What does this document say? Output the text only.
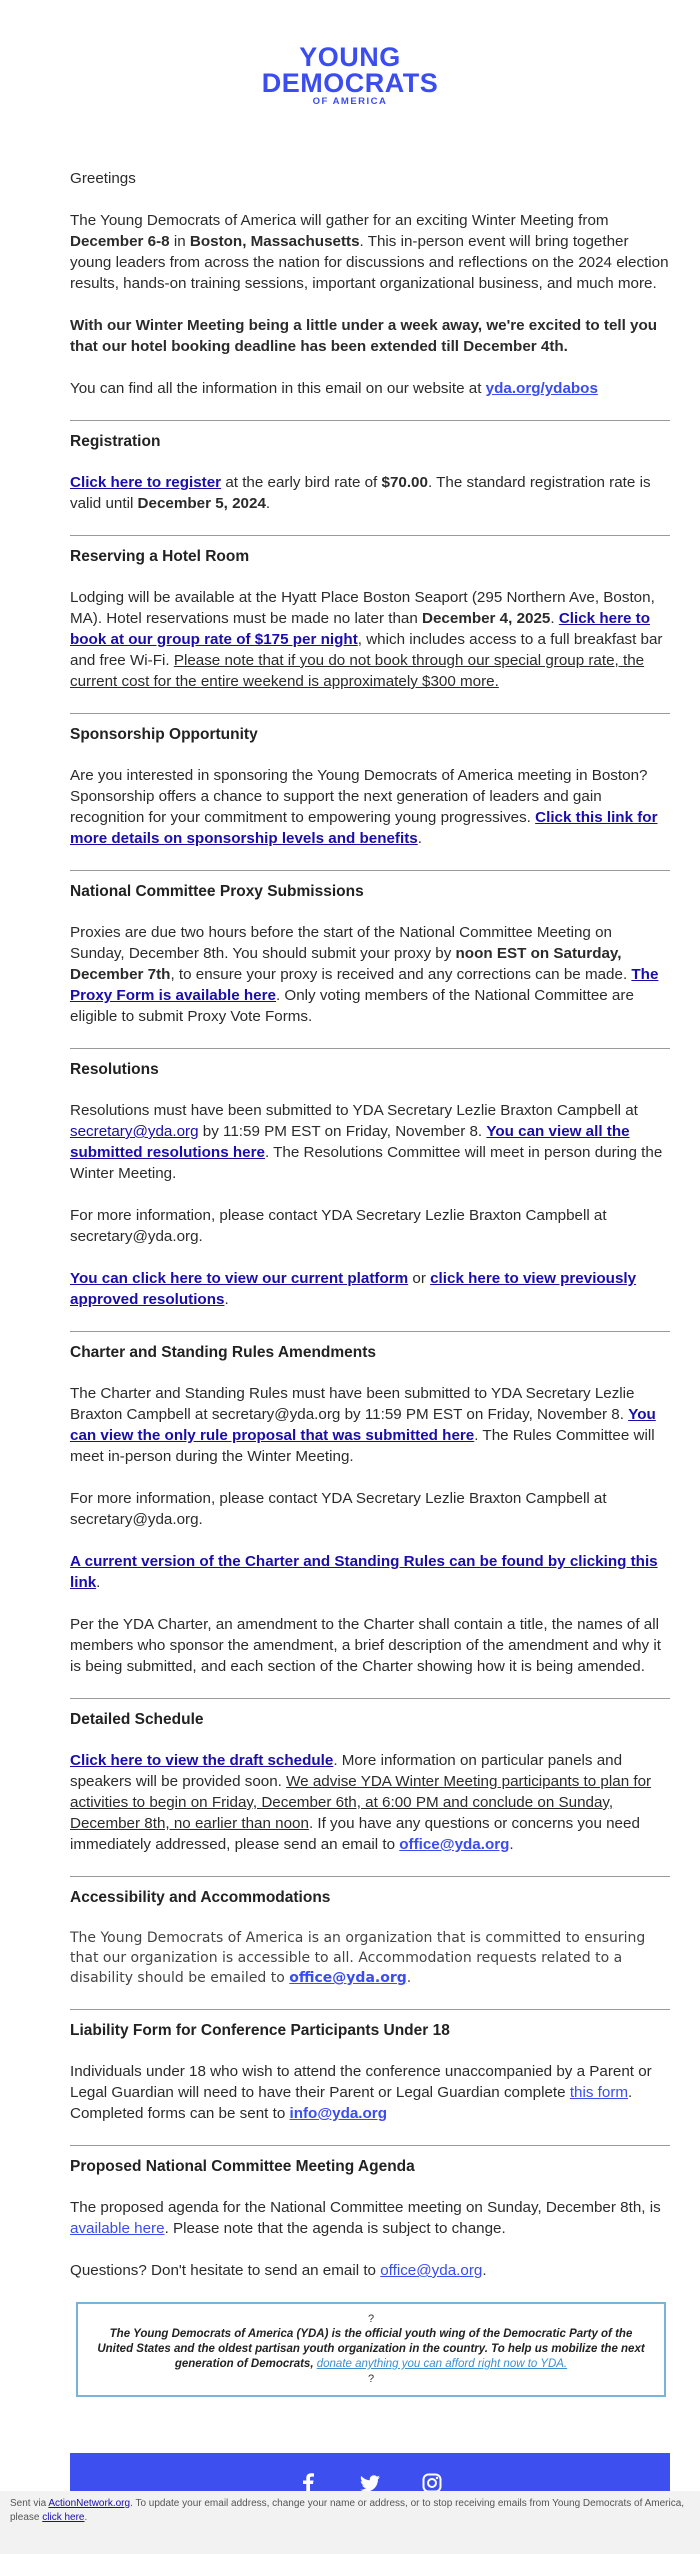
YOUNG
DEMOCRATS
OF AMERICA

Greetings

The Young Democrats of America will gather for an exciting Winter Meeting from December 6-8 in Boston, Massachusetts. This in-person event will bring together young leaders from across the nation for discussions and reflections on the 2024 election results, hands-on training sessions, important organizational business, and much more.

With our Winter Meeting being a little under a week away, we're excited to tell you that our hotel booking deadline has been extended till December 4th.

You can find all the information in this email on our website at yda.org/ydabos

Registration

Click here to register at the early bird rate of $70.00. The standard registration rate is valid until December 5, 2024.

Reserving a Hotel Room

Lodging will be available at the Hyatt Place Boston Seaport (295 Northern Ave, Boston, MA). Hotel reservations must be made no later than December 4, 2025. Click here to book at our group rate of $175 per night, which includes access to a full breakfast bar and free Wi-Fi. Please note that if you do not book through our special group rate, the current cost for the entire weekend is approximately $300 more.

Sponsorship Opportunity

Are you interested in sponsoring the Young Democrats of America meeting in Boston? Sponsorship offers a chance to support the next generation of leaders and gain recognition for your commitment to empowering young progressives. Click this link for more details on sponsorship levels and benefits.

National Committee Proxy Submissions

Proxies are due two hours before the start of the National Committee Meeting on Sunday, December 8th. You should submit your proxy by noon EST on Saturday, December 7th, to ensure your proxy is received and any corrections can be made. The Proxy Form is available here. Only voting members of the National Committee are eligible to submit Proxy Vote Forms.

Resolutions

Resolutions must have been submitted to YDA Secretary Lezlie Braxton Campbell at secretary@yda.org by 11:59 PM EST on Friday, November 8. You can view all the submitted resolutions here. The Resolutions Committee will meet in person during the Winter Meeting.

For more information, please contact YDA Secretary Lezlie Braxton Campbell at secretary@yda.org.

You can click here to view our current platform or click here to view previously approved resolutions.

Charter and Standing Rules Amendments

The Charter and Standing Rules must have been submitted to YDA Secretary Lezlie Braxton Campbell at secretary@yda.org by 11:59 PM EST on Friday, November 8. You can view the only rule proposal that was submitted here. The Rules Committee will meet in-person during the Winter Meeting.

For more information, please contact YDA Secretary Lezlie Braxton Campbell at secretary@yda.org.

A current version of the Charter and Standing Rules can be found by clicking this link.

Per the YDA Charter, an amendment to the Charter shall contain a title, the names of all members who sponsor the amendment, a brief description of the amendment and why it is being submitted, and each section of the Charter showing how it is being amended.

Detailed Schedule

Click here to view the draft schedule. More information on particular panels and speakers will be provided soon. We advise YDA Winter Meeting participants to plan for activities to begin on Friday, December 6th, at 6:00 PM and conclude on Sunday, December 8th, no earlier than noon. If you have any questions or concerns you need immediately addressed, please send an email to office@yda.org.

Accessibility and Accommodations

The Young Democrats of America is an organization that is committed to ensuring that our organization is accessible to all. Accommodation requests related to a disability should be emailed to office@yda.org.

Liability Form for Conference Participants Under 18

Individuals under 18 who wish to attend the conference unaccompanied by a Parent or Legal Guardian will need to have their Parent or Legal Guardian complete this form. Completed forms can be sent to info@yda.org

Proposed National Committee Meeting Agenda

The proposed agenda for the National Committee meeting on Sunday, December 8th, is available here. Please note that the agenda is subject to change.

Questions? Don't hesitate to send an email to office@yda.org.

?
The Young Democrats of America (YDA) is the official youth wing of the Democratic Party of the United States and the oldest partisan youth organization in the country. To help us mobilize the next generation of Democrats, donate anything you can afford right now to YDA.
?
Sent via ActionNetwork.org. To update your email address, change your name or address, or to stop receiving emails from Young Democrats of America, please click here.
